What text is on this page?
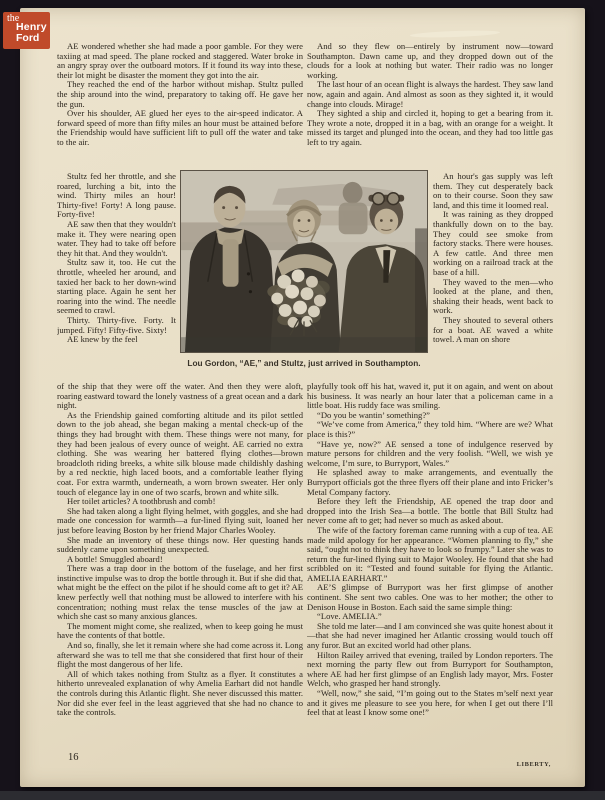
AE wondered whether she had made a poor gamble. For they were taxiing at mad speed. The plane rocked and staggered. Water broke in an angry spray over the outboard motors. If it found its way into these, their lot might be disaster the moment they got into the air.

They reached the end of the harbor without mishap. Stultz pulled the ship around into the wind, preparatory to taking off. He gave her the gun.

Over his shoulder, AE glued her eyes to the air-speed indicator. A forward speed of more than fifty miles an hour must be attained before the Friendship would have sufficient lift to pull off the water and take to the air.

And so they flew on—entirely by instrument now—toward Southampton. Dawn came up, and they dropped down out of the clouds for a look at nothing but water. Their radio was no longer working.

The last hour of an ocean flight is always the hardest. They saw land now, again and again. And almost as soon as they sighted it, it would change into clouds. Mirage!

They sighted a ship and circled it, hoping to get a bearing from it. They wrote a note, dropped it in a bag, with an orange for a weight. It missed its target and plunged into the ocean, and they had too little gas left to try again.

Stultz fed her throttle, and she roared, lurching a bit, into the wind. Thirty miles an hour! Thirty-five! Forty! A long pause. Forty-five!

AE saw then that they wouldn't make it. They were nearing open water. They had to take off before they hit that. And they wouldn't.

Stultz saw it, too. He cut the throttle, wheeled her around, and taxied her back to her down-wind starting place. Again he sent her roaring into the wind. The needle seemed to crawl.

Thirty. Thirty-five. Forty. It jumped. Fifty! Fifty-five. Sixty!

AE knew by the feel

Lou Gordon, “AE,” and Stultz, just arrived in Southampton.

An hour's gas supply was left them. They cut desperately back on to their course. Soon they saw land, and this time it loomed real.

It was raining as they dropped thankfully down on to the bay. They could see smoke from factory stacks. There were houses. A few cattle. And three men working on a railroad track at the base of a hill.

They waved to the men—who looked at the plane, and then, shaking their heads, went back to work.

They shouted to several others for a boat. AE waved a white towel. A man on shore

of the ship that they were off the water. And then they were aloft, roaring eastward toward the lonely vastness of a great ocean and a dark night.

As the Friendship gained comforting altitude and its pilot settled down to the job ahead, she began making a mental check-up of the things they had brought with them. These things were not many, for they had been jealous of every ounce of weight. AE carried no extra clothing. She was wearing her battered flying clothes—brown broadcloth riding breeks, a white silk blouse made childishly dashing by a red necktie, high laced boots, and a comfortable leather flying coat. For extra warmth, underneath, a worn brown sweater. Her only touch of elegance lay in one of two scarfs, brown and white silk.

Her toilet articles? A toothbrush and comb!

She had taken along a light flying helmet, with goggles, and she had made one concession for warmth—a fur-lined flying suit, loaned her just before leaving Boston by her friend Major Charles Wooley.

She made an inventory of these things now. Her questing hands suddenly came upon something unexpected.

A bottle! Smuggled aboard!

There was a trap door in the bottom of the fuselage, and her first instinctive impulse was to drop the bottle through it. But if she did that, what might be the effect on the pilot if he should come aft to get it? AE knew perfectly well that nothing must be allowed to interfere with his concentration; nothing must relax the tense muscles of the jaw at which she cast so many anxious glances.

The moment might come, she realized, when to keep going he must have the contents of that bottle.

And so, finally, she let it remain where she had come across it. Long afterward she was to tell me that she considered that first hour of their flight the most dangerous of her life.

All of which takes nothing from Stultz as a flyer. It constitutes a hitherto unrevealed explanation of why Amelia Earhart did not handle the controls during this Atlantic flight. She never discussed this matter. Nor did she ever feel in the least aggrieved that she had no chance to take the controls.

playfully took off his hat, waved it, put it on again, and went on about his business. It was nearly an hour later that a policeman came in a little boat. His ruddy face was smiling.

“Do you be wantin’ something?”

“We’ve come from America,” they told him. “Where are we? What place is this?”

“Have ye, now?” AE sensed a tone of indulgence reserved by mature persons for children and the very foolish. “Well, we wish ye welcome, I’m sure, to Burryport, Wales.”

He splashed away to make arrangements, and eventually the Burryport officials got the three flyers off their plane and into Fricker’s Metal Company factory.

Before they left the Friendship, AE opened the trap door and dropped into the Irish Sea—a bottle. The bottle that Bill Stultz had never come aft to get; had never so much as asked about.

The wife of the factory foreman came running with a cup of tea. AE made mild apology for her appearance. “Women planning to fly,” she said, “ought not to think they have to look so frumpy.” Later she was to return the fur-lined flying suit to Major Wooley. He found that she had scribbled on it: “Tested and found suitable for flying the Atlantic. AMELIA EARHART.”

AE’S glimpse of Burryport was her first glimpse of another continent. She sent two cables. One was to her mother; the other to Denison House in Boston. Each said the same simple thing:

“Love. AMELIA.”

She told me later—and I am convinced she was quite honest about it—that she had never imagined her Atlantic crossing would touch off any furor. But an excited world had other plans.

Hilton Railey arrived that evening, trailed by London reporters. The next morning the party flew out from Burryport for Southampton, where AE had her first glimpse of an English lady mayor, Mrs. Foster Welch, who grasped her hand strongly.

“Well, now,” she said, “I’m going out to the States m’self next year and it gives me pleasure to see you here, for when I get out there I’ll feel that at least I know some one!”

16
LIBERTY,
the
Henry
Ford
